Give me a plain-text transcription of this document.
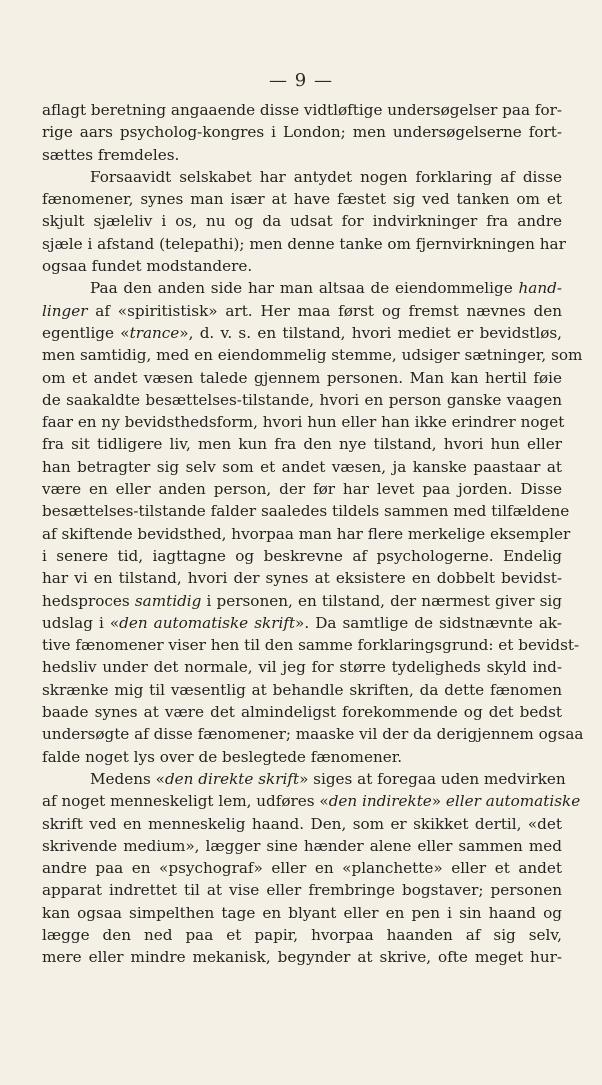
— 9 —
aflagt beretning angaaende disse vidtløftige undersøgelser paa for-
rige aars psycholog-kongres i London; men undersøgelserne fort-
sættes fremdeles.
Forsaavidt selskabet har antydet nogen forklaring af disse
fænomener, synes man især at have fæstet sig ved tanken om et
skjult sjæleliv i os, nu og da udsat for indvirkninger fra andre
sjæle i afstand (telepathi); men denne tanke om fjernvirkningen har
ogsaa fundet modstandere.
Paa den anden side har man altsaa de eiendommelige hand-
linger af «spiritistisk» art. Her maa først og fremst nævnes den
egentlige «trance», d. v. s. en tilstand, hvori mediet er bevidstløs,
men samtidig, med en eiendommelig stemme, udsiger sætninger, som
om et andet væsen talede gjennem personen. Man kan hertil føie
de saakaldte besættelses-tilstande, hvori en person ganske vaagen
faar en ny bevidsthedsform, hvori hun eller han ikke erindrer noget
fra sit tidligere liv, men kun fra den nye tilstand, hvori hun eller
han betragter sig selv som et andet væsen, ja kanske paastaar at
være en eller anden person, der før har levet paa jorden. Disse
besættelses-tilstande falder saaledes tildels sammen med tilfældene
af skiftende bevidsthed, hvorpaa man har flere merkelige eksempler
i senere tid, iagttagne og beskrevne af psychologerne. Endelig
har vi en tilstand, hvori der synes at eksistere en dobbelt bevidst-
hedsproces samtidig i personen, en tilstand, der nærmest giver sig
udslag i «den automatiske skrift». Da samtlige de sidstnævnte ak-
tive fænomener viser hen til den samme forklaringsgrund: et bevidst-
hedsliv under det normale, vil jeg for større tydeligheds skyld ind-
skrænke mig til væsentlig at behandle skriften, da dette fænomen
baade synes at være det almindeligst forekommende og det bedst
undersøgte af disse fænomener; maaske vil der da derigjennem ogsaa
falde noget lys over de beslegtede fænomener.
Medens «den direkte skrift» siges at foregaa uden medvirken
af noget menneskeligt lem, udføres «den indirekte» eller automatiske
skrift ved en menneskelig haand. Den, som er skikket dertil, «det
skrivende medium», lægger sine hænder alene eller sammen med
andre paa en «psychograf» eller en «planchette» eller et andet
apparat indrettet til at vise eller frembringe bogstaver; personen
kan ogsaa simpelthen tage en blyant eller en pen i sin haand og
lægge den ned paa et papir, hvorpaa haanden af sig selv,
mere eller mindre mekanisk, begynder at skrive, ofte meget hur-
